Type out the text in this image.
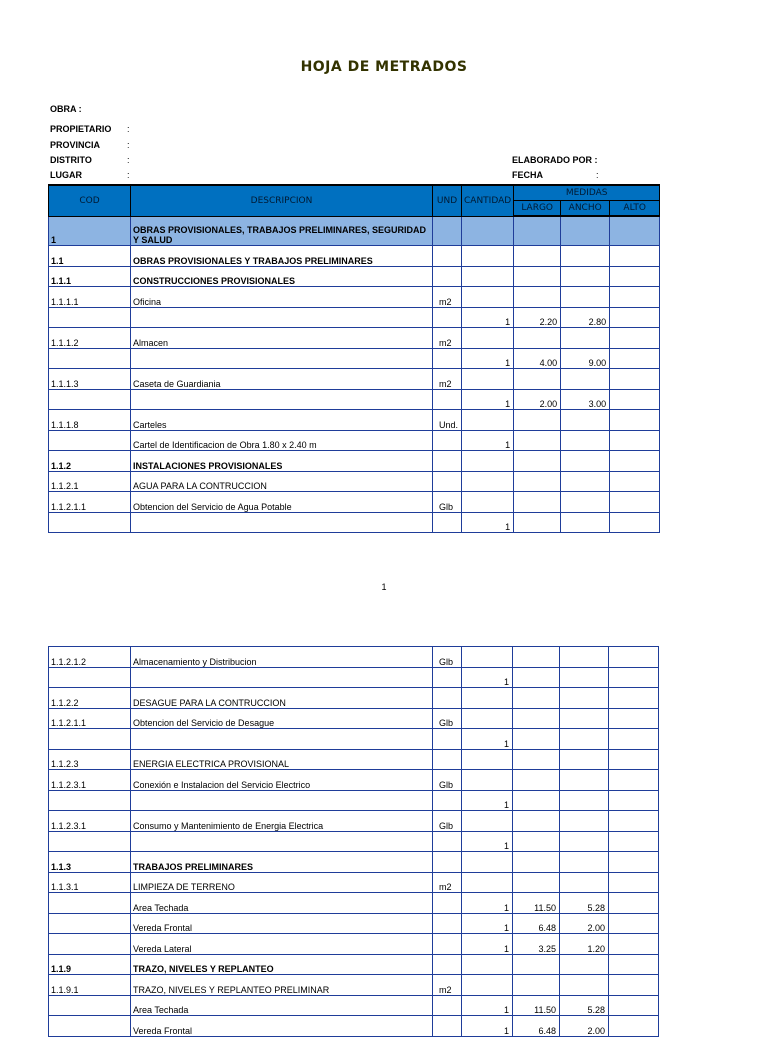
HOJA DE METRADOS
OBRA :
PROPIETARIO :
PROVINCIA	:
DISTRITO	:
LUGAR	:
ELABORADO POR :
FECHA	:
COD	DESCRIPCION	UND	CANTIDAD	MEDIDAS		
				LARGO	ANCHO	ALTO
1	OBRAS PROVISIONALES, TRABAJOS PRELIMINARES, SEGURIDAD Y SALUD					
1.1	OBRAS PROVISIONALES Y TRABAJOS PRELIMINARES					
1.1.1	CONSTRUCCIONES PROVISIONALES					
1.1.1.1	Oficina	m2				
			1	2.20	2.80	
1.1.1.2	Almacen	m2				
			1	4.00	9.00	
1.1.1.3	Caseta de Guardiania	m2				
			1	2.00	3.00	
1.1.1.8	Carteles	Und.				
	Cartel de Identificacion de Obra 1.80 x 2.40 m		1			
1.1.2	INSTALACIONES PROVISIONALES					
1.1.2.1	AGUA PARA LA CONTRUCCION					
1.1.2.1.1	Obtencion del Servicio de Agua Potable	Glb				
			1			
1
1.1.2.1.2	Almacenamiento y Distribucion	Glb				
			1			
1.1.2.2	DESAGUE PARA LA CONTRUCCION					
1.1.2.1.1	Obtencion del Servicio de Desague	Glb				
			1			
1.1.2.3	ENERGIA ELECTRICA PROVISIONAL					
1.1.2.3.1	Conexión e Instalacion del Servicio Electrico	Glb				
			1			
1.1.2.3.1	Consumo y Mantenimiento de Energia Electrica	Glb				
			1			
1.1.3	TRABAJOS PRELIMINARES					
1.1.3.1	LIMPIEZA DE TERRENO	m2				
	Area Techada		1	11.50	5.28	
	Vereda Frontal		1	6.48	2.00	
	Vereda Lateral		1	3.25	1.20	
1.1.9	TRAZO, NIVELES Y REPLANTEO					
1.1.9.1	TRAZO, NIVELES Y REPLANTEO PRELIMINAR	m2				
	Area Techada		1	11.50	5.28	
	Vereda Frontal		1	6.48	2.00	
